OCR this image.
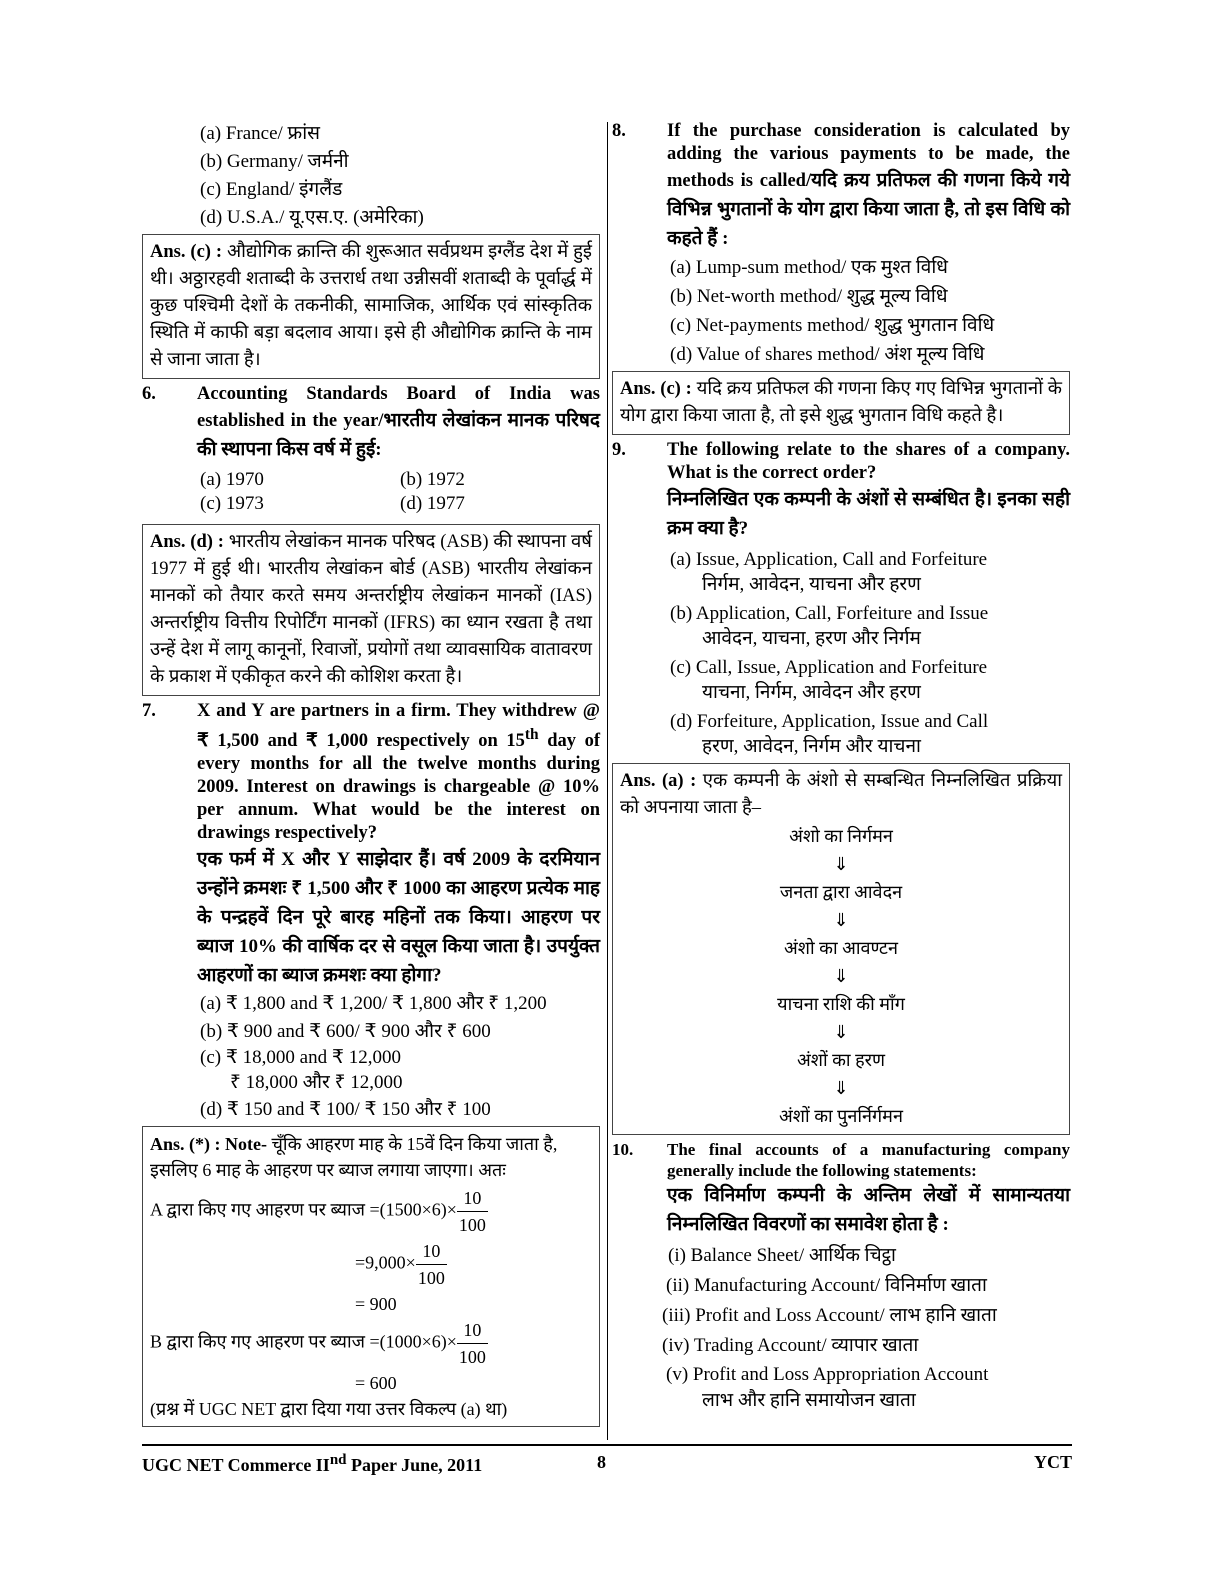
(a) France/ फ्रांस
(b) Germany/ जर्मनी
(c) England/ इंगलैंड
(d) U.S.A./ यू.एस.ए. (अमेरिका)
Ans. (c) : औद्योगिक क्रान्ति की शुरूआत सर्वप्रथम इग्लैंड देश में हुई थी। अठ्ठारहवी शताब्दी के उत्तरार्ध तथा उन्नीसवीं शताब्दी के पूर्वार्द्ध में कुछ पश्चिमी देशों के तकनीकी, सामाजिक, आर्थिक एवं सांस्कृतिक स्थिति में काफी बड़ा बदलाव आया। इसे ही औद्योगिक क्रान्ति के नाम से जाना जाता है।
6.	Accounting Standards Board of India was established in the year/भारतीय लेखांकन मानक परिषद की स्थापना किस वर्ष में हुई:
(a) 1970	(b) 1972
(c) 1973	(d) 1977
Ans. (d) : भारतीय लेखांकन मानक परिषद (ASB) की स्थापना वर्ष 1977 में हुई थी। भारतीय लेखांकन बोर्ड (ASB) भारतीय लेखांकन मानकों को तैयार करते समय अन्तर्राष्ट्रीय लेखांकन मानकों (IAS) अन्तर्राष्ट्रीय वित्तीय रिपोर्टिंग मानकों (IFRS) का ध्यान रखता है तथा उन्हें देश में लागू कानूनों, रिवाजों, प्रयोगों तथा व्यावसायिक वातावरण के प्रकाश में एकीकृत करने की कोशिश करता है।
7.	X and Y are partners in a firm. They withdrew @ ₹ 1,500 and ₹ 1,000 respectively on 15th day of every months for all the twelve months during 2009. Interest on drawings is chargeable @ 10% per annum. What would be the interest on drawings respectively?
एक फर्म में X और Y साझेदार हैं। वर्ष 2009 के दरमियान उन्होंने क्रमशः ₹ 1,500 और ₹ 1000 का आहरण प्रत्येक माह के पन्द्रहवें दिन पूरे बारह महिनों तक किया। आहरण पर ब्याज 10% की वार्षिक दर से वसूल किया जाता है। उपर्युक्त आहरणों का ब्याज क्रमशः क्या होगा?
(a) ₹ 1,800 and ₹ 1,200/ ₹ 1,800 और ₹ 1,200
(b) ₹ 900 and ₹ 600/ ₹ 900 और ₹ 600
(c) ₹ 18,000 and ₹ 12,000
₹ 18,000 और ₹ 12,000
(d) ₹ 150 and ₹ 100/ ₹ 150 और ₹ 100
Ans. (*) : Note- चूँकि आहरण माह के 15वें दिन किया जाता है, इसलिए 6 माह के आहरण पर ब्याज लगाया जाएगा। अतः
A द्वारा किए गए आहरण पर ब्याज $=(1500\times 6)\times \frac{10}{100}$
$=9,000\times \frac{10}{100}$
= 900
B द्वारा किए गए आहरण पर ब्याज $=(1000\times 6)\times \frac{10}{100}$
= 600
(प्रश्न में UGC NET द्वारा दिया गया उत्तर विकल्प (a) था)
8.	If the purchase consideration is calculated by adding the various payments to be made, the methods is called/यदि क्रय प्रतिफल की गणना किये गये विभिन्न भुगतानों के योग द्वारा किया जाता है, तो इस विधि को कहते हैं :
(a) Lump-sum method/ एक मुश्त विधि
(b) Net-worth method/ शुद्ध मूल्य विधि
(c) Net-payments method/ शुद्ध भुगतान विधि
(d) Value of shares method/ अंश मूल्य विधि
Ans. (c) : यदि क्रय प्रतिफल की गणना किए गए विभिन्न भुगतानों के योग द्वारा किया जाता है, तो इसे शुद्ध भुगतान विधि कहते है।
9.	The following relate to the shares of a company. What is the correct order?
निम्नलिखित एक कम्पनी के अंशों से सम्बंधित है। इनका सही क्रम क्या है?
(a) Issue, Application, Call and Forfeiture
निर्गम, आवेदन, याचना और हरण
(b) Application, Call, Forfeiture and Issue
आवेदन, याचना, हरण और निर्गम
(c) Call, Issue, Application and Forfeiture
याचना, निर्गम, आवेदन और हरण
(d) Forfeiture, Application, Issue and Call
हरण, आवेदन, निर्गम और याचना
Ans. (a) : एक कम्पनी के अंशो से सम्बन्धित निम्नलिखित प्रक्रिया को अपनाया जाता है–
अंशो का निर्गमन
⇓
जनता द्वारा आवेदन
⇓
अंशो का आवण्टन
⇓
याचना राशि की माँग
⇓
अंशों का हरण
⇓
अंशों का पुनर्निर्गमन
10.	The final accounts of a manufacturing company generally include the following statements:
एक विनिर्माण कम्पनी के अन्तिम लेखों में सामान्यतया निम्नलिखित विवरणों का समावेश होता है :
(i) Balance Sheet/ आर्थिक चिट्ठा
(ii) Manufacturing Account/ विनिर्माण खाता
(iii) Profit and Loss Account/ लाभ हानि खाता
(iv) Trading Account/ व्यापार खाता
(v) Profit and Loss Appropriation Account
लाभ और हानि समायोजन खाता
UGC NET Commerce IInd Paper June, 2011	8	YCT
